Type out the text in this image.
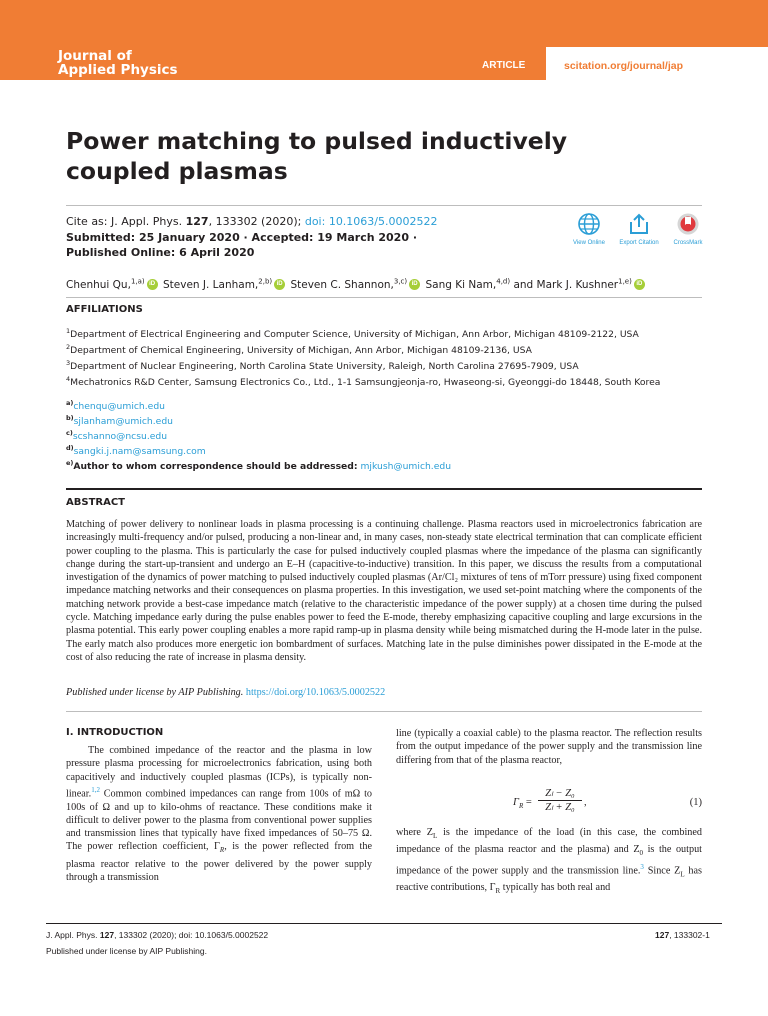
Journal of
Applied Physics	ARTICLE	scitation.org/journal/jap
Power matching to pulsed inductively coupled plasmas
Cite as: J. Appl. Phys. 127, 133302 (2020); doi: 10.1063/5.0002522
Submitted: 25 January 2020 · Accepted: 19 March 2020 ·
Published Online: 6 April 2020
View Online	Export Citation	CrossMark
Chenhui Qu,$^{1,a)}$ iD Steven J. Lanham,$^{2,b)}$ iD Steven C. Shannon,$^{3,c)}$ iD Sang Ki Nam,$^{4,d)}$ and Mark J. Kushner$^{1,e)}$ iD
AFFILIATIONS
$^1$Department of Electrical Engineering and Computer Science, University of Michigan, Ann Arbor, Michigan 48109-2122, USA
$^2$Department of Chemical Engineering, University of Michigan, Ann Arbor, Michigan 48109-2136, USA
$^3$Department of Nuclear Engineering, North Carolina State University, Raleigh, North Carolina 27695-7909, USA
$^4$Mechatronics R&D Center, Samsung Electronics Co., Ltd., 1-1 Samsungjeonja-ro, Hwaseong-si, Gyeonggi-do 18448, South Korea
$^{a)}$chenqu@umich.edu
$^{b)}$sjlanham@umich.edu
$^{c)}$scshanno@ncsu.edu
$^{d)}$sangki.j.nam@samsung.com
$^{e)}$Author to whom correspondence should be addressed: mjkush@umich.edu
ABSTRACT
Matching of power delivery to nonlinear loads in plasma processing is a continuing challenge. Plasma reactors used in microelectronics fabrication are increasingly multi-frequency and/or pulsed, producing a non-linear and, in many cases, non-steady state electrical termination that can complicate efficient power coupling to the plasma. This is particularly the case for pulsed inductively coupled plasmas where the impedance of the plasma can significantly change during the start-up-transient and undergo an E–H (capacitive-to-inductive) transition. In this paper, we discuss the results from a computational investigation of the dynamics of power matching to pulsed inductively coupled plasmas (Ar/Cl₂ mixtures of tens of mTorr pressure) using fixed component impedance matching networks and their consequences on plasma properties. In this investigation, we used set-point matching where the components of the matching network provide a best-case impedance match (relative to the characteristic impedance of the power supply) at a chosen time during the pulsed cycle. Matching impedance early during the pulse enables power to feed the E-mode, thereby emphasizing capacitive coupling and large excursions in the plasma potential. This early power coupling enables a more rapid ramp-up in plasma density while being mismatched during the H-mode later in the pulse. The early match also produces more energetic ion bombardment of surfaces. Matching late in the pulse diminishes power dissipated in the E-mode at the cost of also reducing the rate of increase in plasma density.
Published under license by AIP Publishing. https://doi.org/10.1063/5.0002522
I. INTRODUCTION

The combined impedance of the reactor and the plasma in low pressure plasma processing for microelectronics fabrication, using both capacitively and inductively coupled plasmas (ICPs), is typically non-linear.$^{1,2}$ Common combined impedances can range from 100s of mΩ to 100s of Ω and up to kilo-ohms of reactance. These conditions make it difficult to deliver power to the plasma from conventional power supplies and transmission lines that typically have fixed impedances of 50–75 Ω. The power reflection coefficient, $\Gamma_R$, is the power reflected from the plasma reactor relative to the power delivered by the power supply through a transmission

line (typically a coaxial cable) to the plasma reactor. The reflection results from the output impedance of the power supply and the transmission line differing from that of the plasma reactor,
$\Gamma_R = \frac{\text{Zₗ − Z₀}}{\text{Zₗ + Z₀}}$ ,	(1)
where $Z_L$ is the impedance of the load (in this case, the combined impedance of the plasma reactor and the plasma) and $Z_0$ is the output impedance of the power supply and the transmission line.$^3$ Since $Z_L$ has reactive contributions, $\Gamma_R$ typically has both real and
J. Appl. Phys. 127, 133302 (2020); doi: 10.1063/5.0002522
Published under license by AIP Publishing.
127, 133302-1
